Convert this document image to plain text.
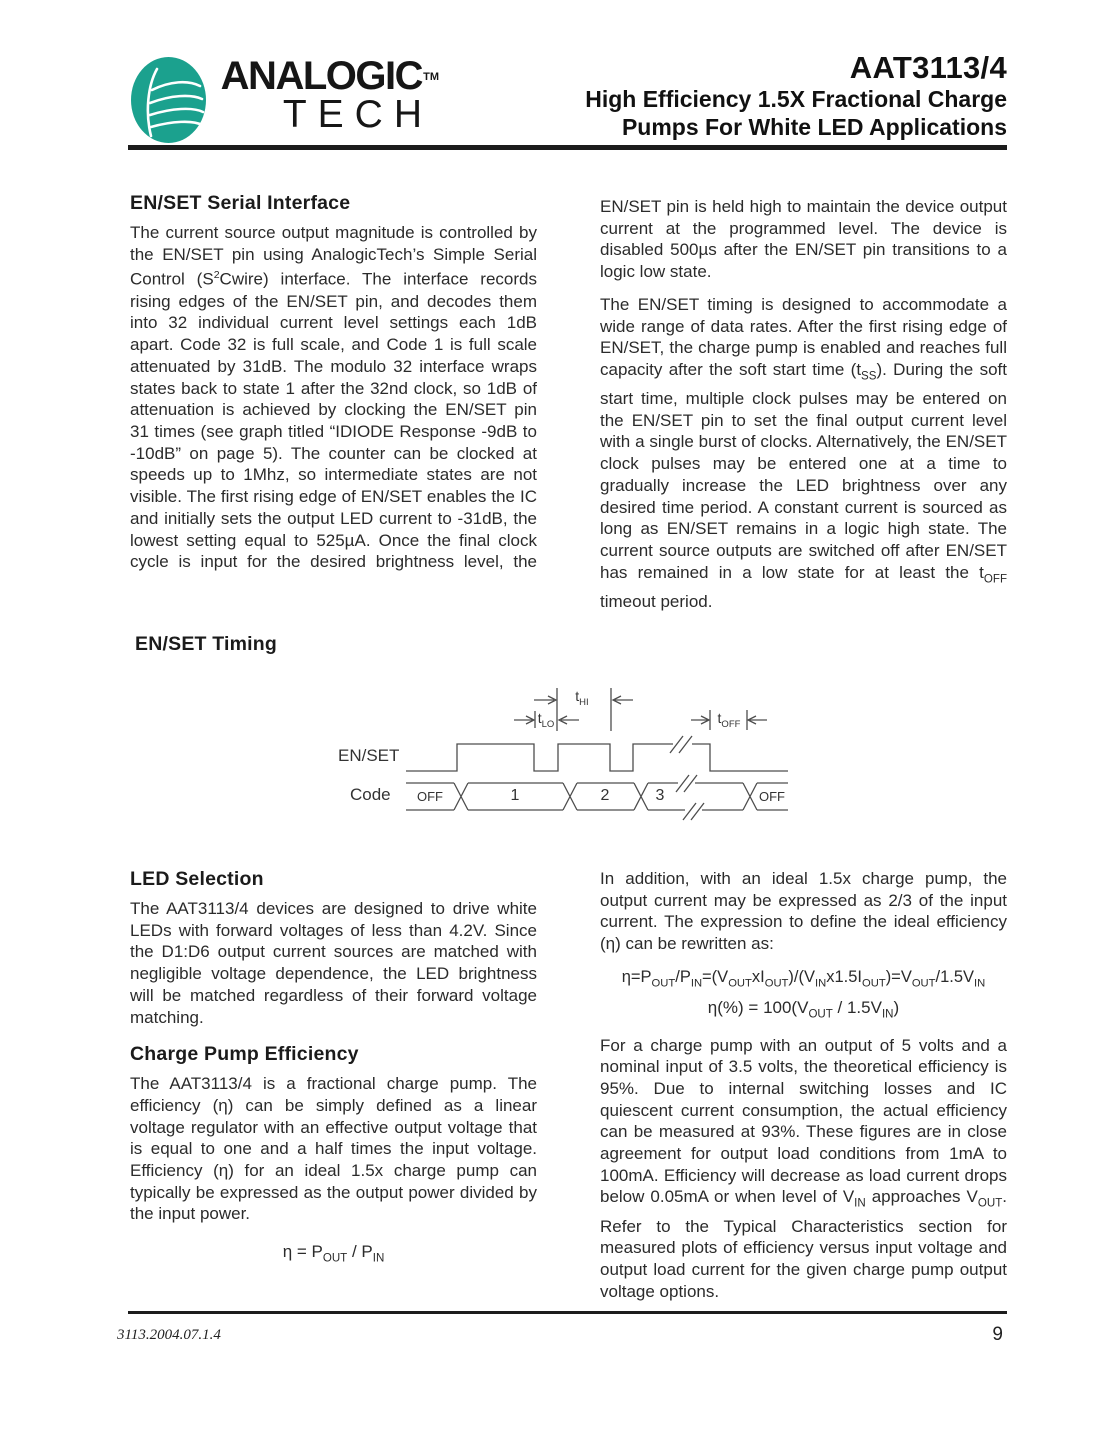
ANALOGIC TM
TECH
AAT3113/4
High Efficiency 1.5X Fractional Charge
Pumps For White LED Applications
EN/SET Serial Interface

The current source output magnitude is controlled by the EN/SET pin using AnalogicTech’s Simple Serial Control $(S^2Cwire)$ interface. The interface records rising edges of the EN/SET pin, and decodes them into 32 individual current level settings each 1dB apart. Code 32 is full scale, and Code 1 is full scale attenuated by 31dB. The modulo 32 interface wraps states back to state 1 after the 32nd clock, so 1dB of attenuation is achieved by clocking the EN/SET pin 31 times (see graph titled “IDIODE Response -9dB to -10dB” on page 5). The counter can be clocked at speeds up to 1Mhz, so intermediate states are not visible. The first rising edge of EN/SET enables the IC and initially sets the output LED current to -31dB, the lowest setting equal to 525µA. Once the final clock cycle is input for the desired brightness level, the

EN/SET pin is held high to maintain the device output current at the programmed level. The device is disabled 500µs after the EN/SET pin transitions to a logic low state.

The EN/SET timing is designed to accommodate a wide range of data rates. After the first rising edge of EN/SET, the charge pump is enabled and reaches full capacity after the soft start time $(t_{SS})$. During the soft start time, multiple clock pulses may be entered on the EN/SET pin to set the final output current level with a single burst of clocks. Alternatively, the EN/SET clock pulses may be entered one at a time to gradually increase the LED brightness over any desired time period. A constant current is sourced as long as EN/SET remains in a logic high state. The current source outputs are switched off after EN/SET has remained in a low state for at least the $t_{OFF}$ timeout period.

EN/SET Timing
EN/SET
Code
$t_{HI}$
$t_{LO}$	$t_{OFF}$
OFF	1	2	3	OFF
LED Selection

The AAT3113/4 devices are designed to drive white LEDs with forward voltages of less than 4.2V. Since the D1:D6 output current sources are matched with negligible voltage dependence, the LED brightness will be matched regardless of their forward voltage matching.

Charge Pump Efficiency

The AAT3113/4 is a fractional charge pump. The efficiency (η) can be simply defined as a linear voltage regulator with an effective output voltage that is equal to one and a half times the input voltage. Efficiency (η) for an ideal 1.5x charge pump can typically be expressed as the output power divided by the input power.

$\eta = P_{OUT} / P_{IN}$

In addition, with an ideal 1.5x charge pump, the output current may be expressed as 2/3 of the input current. The expression to define the ideal efficiency (η) can be rewritten as:

$\eta=P_{OUT}/P_{IN}=(V_{OUT}xI_{OUT})/(V_{IN}x1.5I_{OUT})=V_{OUT}/1.5V_{IN}$
$\eta(\%) = 100(V_{OUT} / 1.5V_{IN})$

For a charge pump with an output of 5 volts and a nominal input of 3.5 volts, the theoretical efficiency is 95%. Due to internal switching losses and IC quiescent current consumption, the actual efficiency can be measured at 93%. These figures are in close agreement for output load conditions from 1mA to 100mA. Efficiency will decrease as load current drops below 0.05mA or when level of $V_{IN}$ approaches $V_{OUT}$. Refer to the Typical Characteristics section for measured plots of efficiency versus input voltage and output load current for the given charge pump output voltage options.

3113.2004.07.1.4	9
